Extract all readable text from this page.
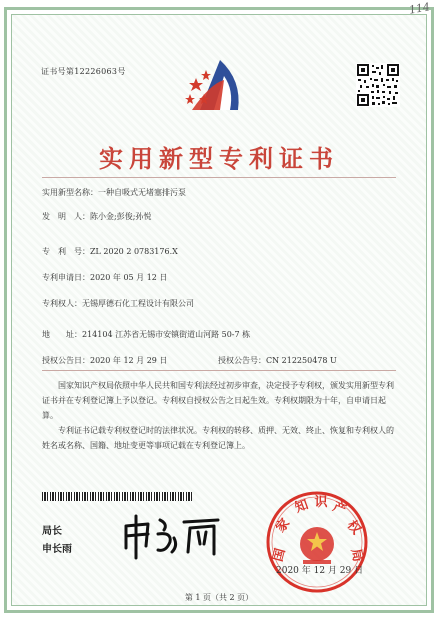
114
证书号第12226063号
实用新型专利证书
实用新型名称：一种自吸式无堵塞排污泵
发　明　人：陈小金;彭俊;孙悦
专　利　号：ZL 2020 2 0783176.X
专利申请日：2020 年 05 月 12 日
专利权人：无锡厚德石化工程设计有限公司
地　　址：214104 江苏省无锡市安镇街道山河路 50-7 栋
授权公告日：2020 年 12 月 29 日	授权公告号：CN 212250478 U

国家知识产权局依照中华人民共和国专利法经过初步审查，决定授予专利权，颁发实用新型专利证书并在专利登记簿上予以登记。专利权自授权公告之日起生效。专利权期限为十年，自申请日起算。

专利证书记载专利权登记时的法律状况。专利权的转移、质押、无效、终止、恢复和专利权人的姓名或名称、国籍、地址变更等事项记载在专利登记簿上。

局长
申长雨	国
家
知 识 产
权
局
2020 年 12 月 29 日
第 1 页（共 2 页）
